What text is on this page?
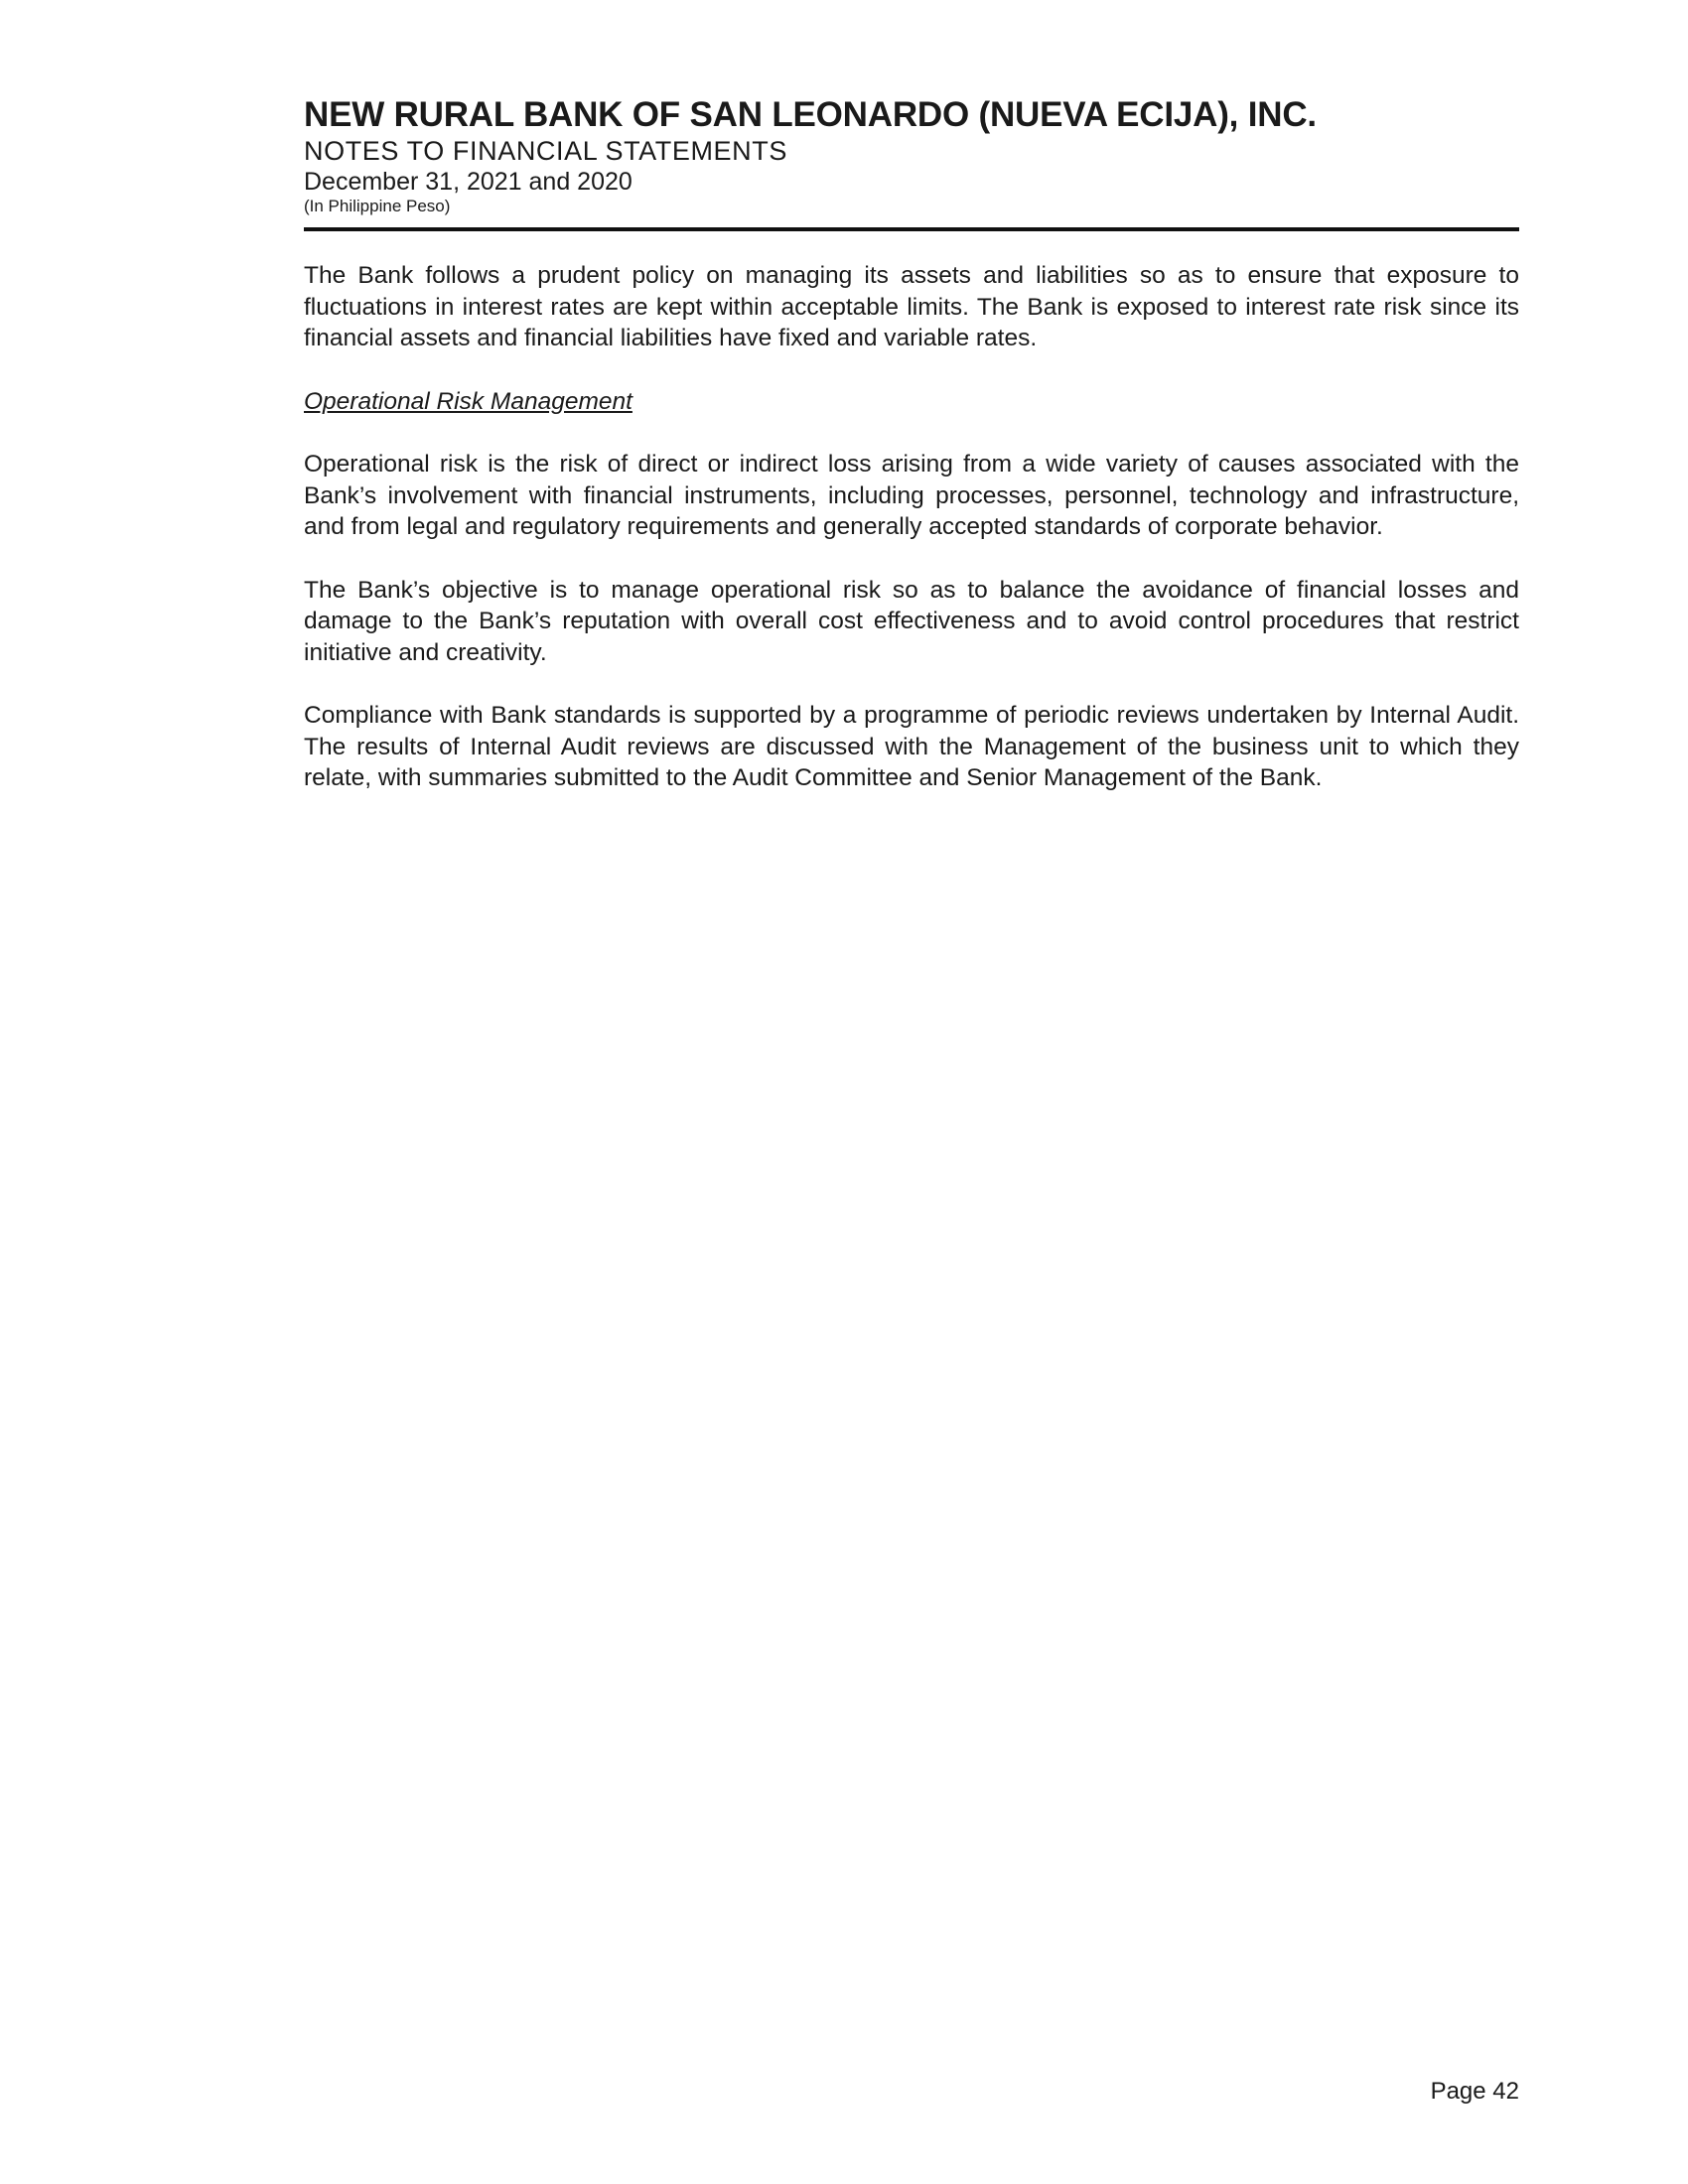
NEW RURAL BANK OF SAN LEONARDO (NUEVA ECIJA), INC.

NOTES TO FINANCIAL STATEMENTS

December 31, 2021 and 2020

(In Philippine Peso)

The Bank follows a prudent policy on managing its assets and liabilities so as to ensure that exposure to fluctuations in interest rates are kept within acceptable limits. The Bank is exposed to interest rate risk since its financial assets and financial liabilities have fixed and variable rates.

Operational Risk Management

Operational risk is the risk of direct or indirect loss arising from a wide variety of causes associated with the Bank’s involvement with financial instruments, including processes, personnel, technology and infrastructure, and from legal and regulatory requirements and generally accepted standards of corporate behavior.

The Bank’s objective is to manage operational risk so as to balance the avoidance of financial losses and damage to the Bank’s reputation with overall cost effectiveness and to avoid control procedures that restrict initiative and creativity.

Compliance with Bank standards is supported by a programme of periodic reviews undertaken by Internal Audit. The results of Internal Audit reviews are discussed with the Management of the business unit to which they relate, with summaries submitted to the Audit Committee and Senior Management of the Bank.

Page 42
